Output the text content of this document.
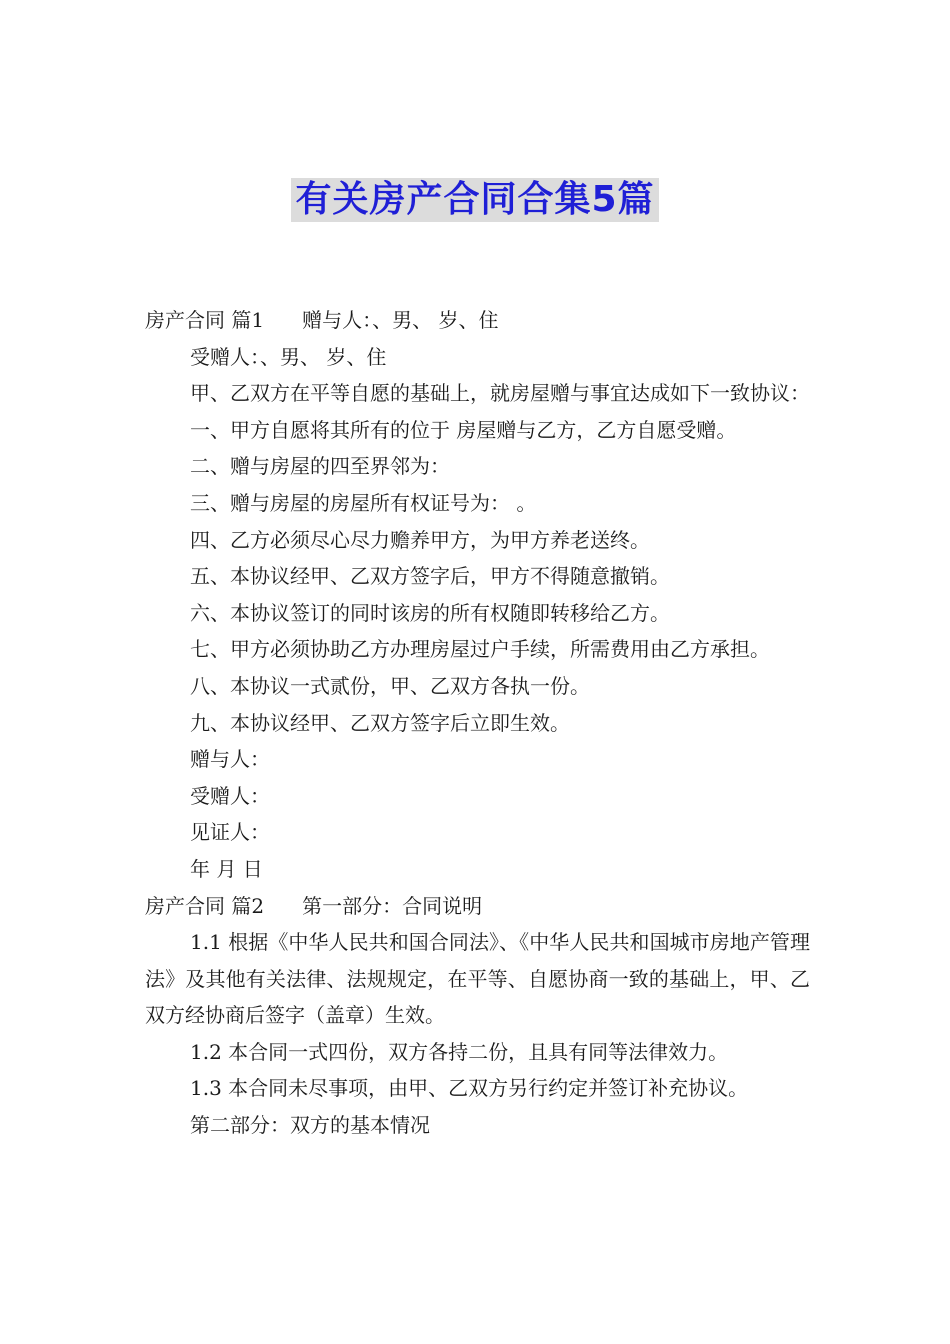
有关房产合同合集5篇

房产合同 篇1 赠与人：、男、 岁、住

受赠人：、男、 岁、住

甲、乙双方在平等自愿的基础上，就房屋赠与事宜达成如下一致协议：

一、甲方自愿将其所有的位于 房屋赠与乙方，乙方自愿受赠。

二、赠与房屋的四至界邻为：

三、赠与房屋的房屋所有权证号为： 。

四、乙方必须尽心尽力赡养甲方，为甲方养老送终。

五、本协议经甲、乙双方签字后，甲方不得随意撤销。

六、本协议签订的同时该房的所有权随即转移给乙方。

七、甲方必须协助乙方办理房屋过户手续，所需费用由乙方承担。

八、本协议一式贰份，甲、乙双方各执一份。

九、本协议经甲、乙双方签字后立即生效。

赠与人：

受赠人：

见证人：

年 月 日

房产合同 篇2 第一部分：合同说明

1.1 根据《中华人民共和国合同法》、《中华人民共和国城市房地产管理法》及其他有关法律、法规规定，在平等、自愿协商一致的基础上，甲、乙双方经协商后签字（盖章）生效。

1.2 本合同一式四份，双方各持二份，且具有同等法律效力。

1.3 本合同未尽事项，由甲、乙双方另行约定并签订补充协议。

第二部分：双方的基本情况
